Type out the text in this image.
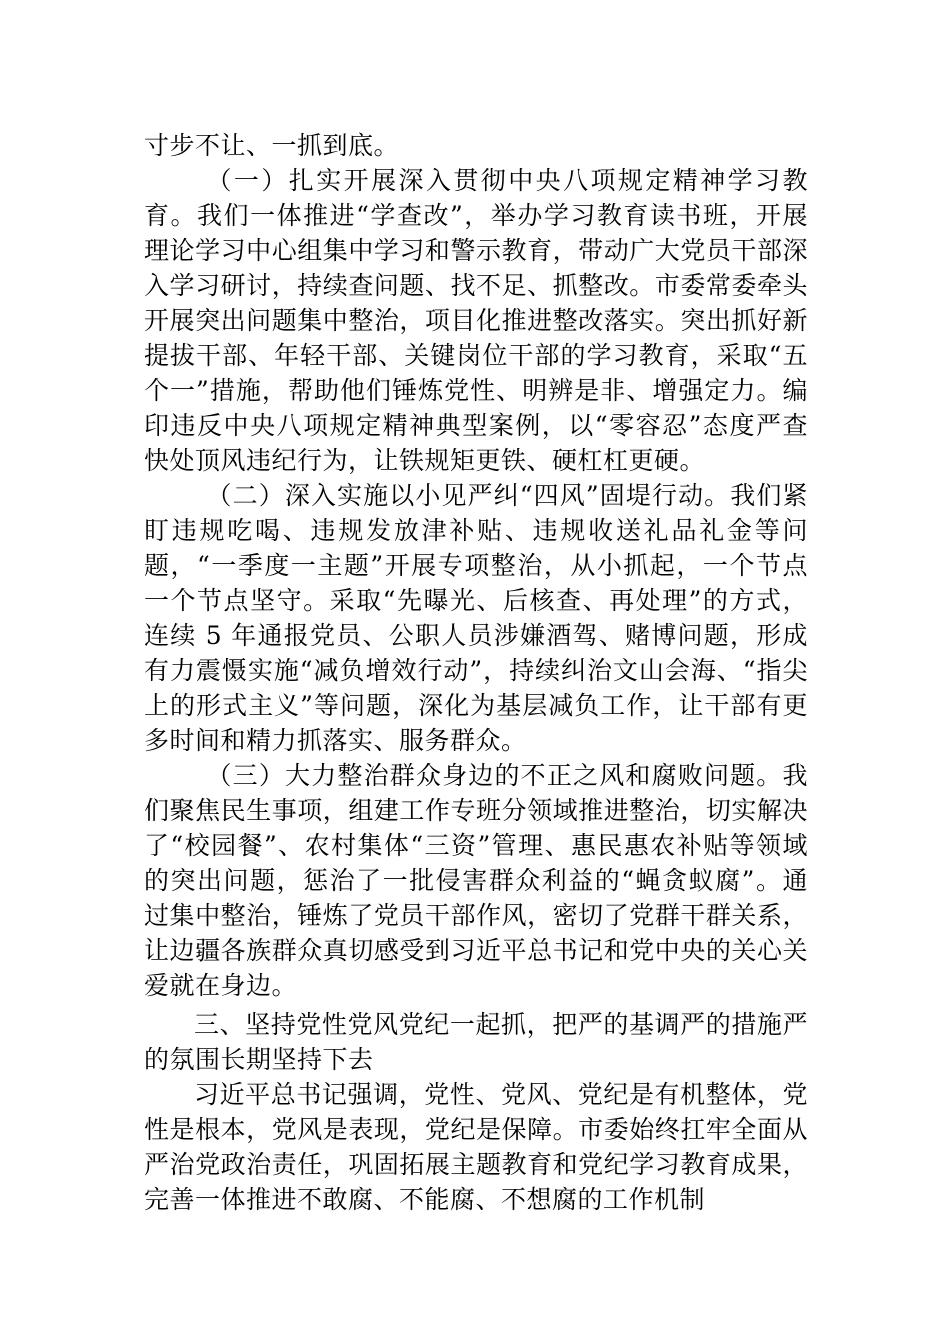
寸步不让、一抓到底。

（一）扎实开展深入贯彻中央八项规定精神学习教育。我们一体推进“学查改”，举办学习教育读书班，开展理论学习中心组集中学习和警示教育，带动广大党员干部深入学习研讨，持续查问题、找不足、抓整改。市委常委牵头开展突出问题集中整治，项目化推进整改落实。突出抓好新提拔干部、年轻干部、关键岗位干部的学习教育，采取“五个一”措施，帮助他们锤炼党性、明辨是非、增强定力。编印违反中央八项规定精神典型案例，以“零容忍”态度严查快处顶风违纪行为，让铁规矩更铁、硬杠杠更硬。

（二）深入实施以小见严纠“四风”固堤行动。我们紧盯违规吃喝、违规发放津补贴、违规收送礼品礼金等问题，“一季度一主题”开展专项整治，从小抓起，一个节点一个节点坚守。采取“先曝光、后核查、再处理”的方式，连续 5 年通报党员、公职人员涉嫌酒驾、赌博问题，形成有力震慑实施“减负增效行动”，持续纠治文山会海、“指尖上的形式主义”等问题，深化为基层减负工作，让干部有更多时间和精力抓落实、服务群众。

（三）大力整治群众身边的不正之风和腐败问题。我们聚焦民生事项，组建工作专班分领域推进整治，切实解决了“校园餐”、农村集体“三资”管理、惠民惠农补贴等领域的突出问题，惩治了一批侵害群众利益的“蝇贪蚁腐”。通过集中整治，锤炼了党员干部作风，密切了党群干群关系，让边疆各族群众真切感受到习近平总书记和党中央的关心关爱就在身边。

三、坚持党性党风党纪一起抓，把严的基调严的措施严的氛围长期坚持下去

习近平总书记强调，党性、党风、党纪是有机整体，党性是根本，党风是表现，党纪是保障。市委始终扛牢全面从严治党政治责任，巩固拓展主题教育和党纪学习教育成果，完善一体推进不敢腐、不能腐、不想腐的工作机制
